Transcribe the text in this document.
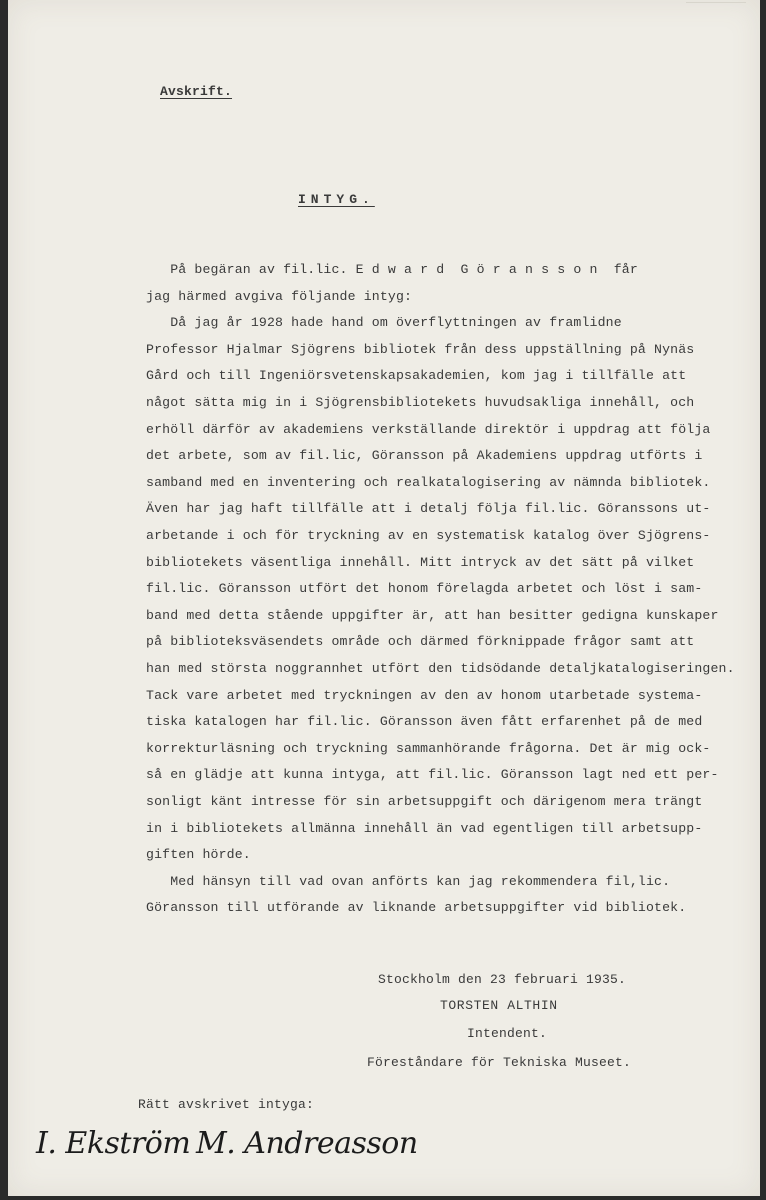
Avskrift.
INTYG.
På begäran av fil.lic. E d w a r d  G ö r a n s s o n  får
jag härmed avgiva följande intyg:
Då jag år 1928 hade hand om överflyttningen av framlidne
Professor Hjalmar Sjögrens bibliotek från dess uppställning på Nynäs
Gård och till Ingeniörsvetenskapsakademien, kom jag i tillfälle att
något sätta mig in i Sjögrensbibliotekets huvudsakliga innehåll, och
erhöll därför av akademiens verkställande direktör i uppdrag att följa
det arbete, som av fil.lic, Göransson på Akademiens uppdrag utförts i
samband med en inventering och realkatalogisering av nämnda bibliotek.
Även har jag haft tillfälle att i detalj följa fil.lic. Göranssons ut-
arbetande i och för tryckning av en systematisk katalog över Sjögrens-
bibliotekets väsentliga innehåll. Mitt intryck av det sätt på vilket
fil.lic. Göransson utfört det honom förelagda arbetet och löst i sam-
band med detta stående uppgifter är, att han besitter gedigna kunskaper
på biblioteksväsendets område och därmed förknippade frågor samt att
han med största noggrannhet utfört den tidsödande detaljkatalogiseringen.
Tack vare arbetet med tryckningen av den av honom utarbetade systema-
tiska katalogen har fil.lic. Göransson även fått erfarenhet på de med
korrekturläsning och tryckning sammanhörande frågorna. Det är mig ock-
så en glädje att kunna intyga, att fil.lic. Göransson lagt ned ett per-
sonligt känt intresse för sin arbetsuppgift och därigenom mera trängt
in i bibliotekets allmänna innehåll än vad egentligen till arbetsupp-
giften hörde.
Med hänsyn till vad ovan anförts kan jag rekommendera fil,lic.
Göransson till utförande av liknande arbetsuppgifter vid bibliotek.
Stockholm den 23 februari 1935.
TORSTEN ALTHIN
Intendent.
Föreståndare för Tekniska Museet.
Rätt avskrivet intyga:
I. Ekström M. Andreasson
